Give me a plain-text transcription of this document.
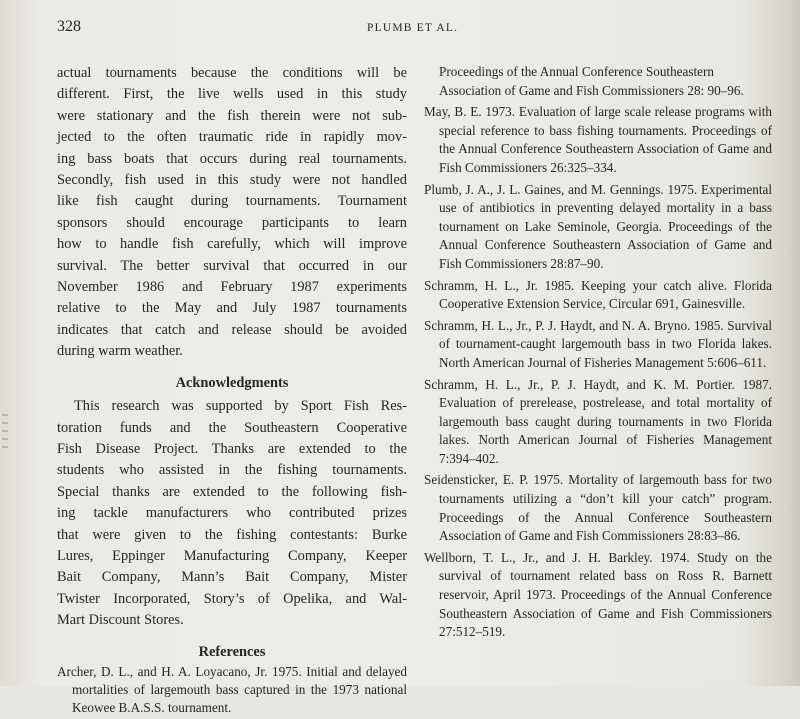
328	PLUMB ET AL.

actual tournaments because the conditions will be
different. First, the live wells used in this study
were stationary and the fish therein were not sub-
jected to the often traumatic ride in rapidly mov-
ing bass boats that occurs during real tournaments.
Secondly, fish used in this study were not handled
like fish caught during tournaments. Tournament
sponsors should encourage participants to learn
how to handle fish carefully, which will improve
survival. The better survival that occurred in our
November 1986 and February 1987 experiments
relative to the May and July 1987 tournaments
indicates that catch and release should be avoided
during warm weather.

Acknowledgments

This research was supported by Sport Fish Res-
toration funds and the Southeastern Cooperative
Fish Disease Project. Thanks are extended to the
students who assisted in the fishing tournaments.
Special thanks are extended to the following fish-
ing tackle manufacturers who contributed prizes
that were given to the fishing contestants: Burke
Lures, Eppinger Manufacturing Company, Keeper
Bait Company, Mann’s Bait Company, Mister
Twister Incorporated, Story’s of Opelika, and Wal-
Mart Discount Stores.

References

Archer, D. L., and H. A. Loyacano, Jr. 1975. Initial and delayed mortalities of largemouth bass captured in the 1973 national Keowee B.A.S.S. tournament.

Proceedings of the Annual Conference Southeastern Association of Game and Fish Commissioners 28: 90–96.

May, B. E. 1973. Evaluation of large scale release programs with special reference to bass fishing tournaments. Proceedings of the Annual Conference Southeastern Association of Game and Fish Commissioners 26:325–334.

Plumb, J. A., J. L. Gaines, and M. Gennings. 1975. Experimental use of antibiotics in preventing delayed mortality in a bass tournament on Lake Seminole, Georgia. Proceedings of the Annual Conference Southeastern Association of Game and Fish Commissioners 28:87–90.

Schramm, H. L., Jr. 1985. Keeping your catch alive. Florida Cooperative Extension Service, Circular 691, Gainesville.

Schramm, H. L., Jr., P. J. Haydt, and N. A. Bryno. 1985. Survival of tournament-caught largemouth bass in two Florida lakes. North American Journal of Fisheries Management 5:606–611.

Schramm, H. L., Jr., P. J. Haydt, and K. M. Portier. 1987. Evaluation of prerelease, postrelease, and total mortality of largemouth bass caught during tournaments in two Florida lakes. North American Journal of Fisheries Management 7:394–402.

Seidensticker, E. P. 1975. Mortality of largemouth bass for two tournaments utilizing a “don’t kill your catch” program. Proceedings of the Annual Conference Southeastern Association of Game and Fish Commissioners 28:83–86.

Wellborn, T. L., Jr., and J. H. Barkley. 1974. Study on the survival of tournament related bass on Ross R. Barnett reservoir, April 1973. Proceedings of the Annual Conference Southeastern Association of Game and Fish Commissioners 27:512–519.
